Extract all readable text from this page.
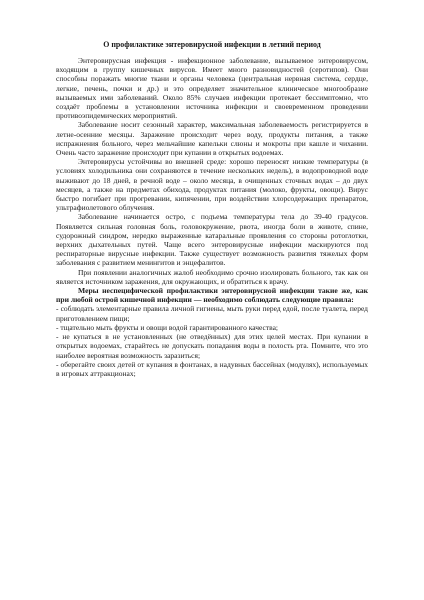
О профилактике энтеровирусной инфекции в летний период

Энтеровирусная инфекция - инфекционное заболевание, вызываемое энтеровирусом, входящим в группу кишечных вирусов. Имеет много разновидностей (серотипов). Они способны поражать многие ткани и органы человека (центральная нервная система, сердце, легкие, печень, почки и др.) и это определяет значительное клиническое многообразие вызываемых ими заболеваний. Около 85% случаев инфекции протекает бессимптомно, что создаёт проблемы в установлении источника инфекции и своевременном проведении противоэпидемических мероприятий.

Заболевание носит сезонный характер, максимальная заболеваемость регистрируется в летне-осенние месяцы. Заражение происходит через воду, продукты питания, а также испражнения больного, через мельчайшие капельки слюны и мокроты при кашле и чихании. Очень часто заражение происходит при купании в открытых водоемах.

Энтеровирусы устойчивы во внешней среде: хорошо переносят низкие температуры (в условиях холодильника они сохраняются в течение нескольких недель), в водопроводной воде выживают до 18 дней, в речной воде – около месяца, в очищенных сточных водах – до двух месяцев, а также на предметах обихода, продуктах питания (молоко, фрукты, овощи). Вирус быстро погибает при прогревании, кипячении, при воздействии хлорсодержащих препаратов, ультрафиолетового облучения.

Заболевание начинается остро, с подъема температуры тела до 39-40 градусов. Появляется сильная головная боль, головокружение, рвота, иногда боли в животе, спине, судорожный синдром, нередко выраженные катаральные проявления со стороны ротоглотки, верхних дыхательных путей. Чаще всего энтеровирусные инфекции маскируются под респираторные вирусные инфекции. Также существует возможность развития тяжелых форм заболевания с развитием менингитов и энцефалитов.

При появлении аналогичных жалоб необходимо срочно изолировать больного, так как он является источником заражения, для окружающих, и обратиться к врачу.

Меры неспецифической профилактики энтеровирусной инфекции такие же, как при любой острой кишечной инфекции — необходимо соблюдать следующие правила:

- соблюдать элементарные правила личной гигиены, мыть руки перед едой, после туалета, перед приготовлением пищи;
- тщательно мыть фрукты и овощи водой гарантированного качества;
- не купаться в не установленных (не отведённых) для этих целей местах. При купании в открытых водоемах, старайтесь не допускать попадания воды в полость рта. Помните, что это наиболее вероятная возможность заразиться;
- оберегайте своих детей от купания в фонтанах, в надувных бассейнах (модулях), используемых в игровых аттракционах;
